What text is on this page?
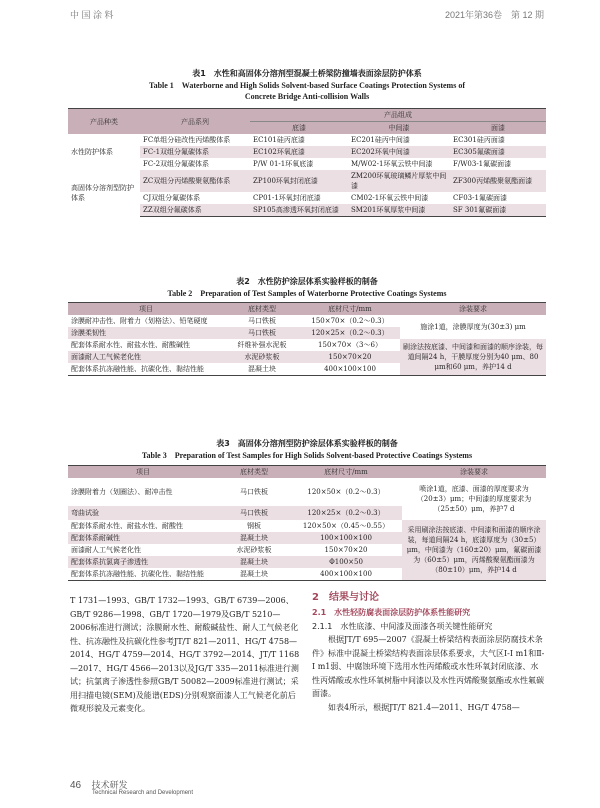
中 国 涂 料	2021年第36卷　第 12 期
表1　水性和高固体分溶剂型混凝土桥梁防撞墙表面涂层防护体系
Table 1　Waterborne and High Solids Solvent-based Surface Coatings Protection Systems of
Concrete Bridge Anti-collision Walls
产品种类	产品系列	产品组成		
		底漆	中间漆	面漆
水性防护体系	FC单组分硅改性丙烯酸体系	EC101硅丙底漆	EC201硅丙中间漆	EC301硅丙面漆
	FC-1双组分氟碳体系	EC102环氧底漆	EC202环氧中间漆	EC305氟碳面漆
	FC-2双组分氟碳体系	P/W 01-1环氧底漆	M/W02-1环氧云铁中间漆	F/W03-1氟碳面漆
高固体分溶剂型防护体系	ZC双组分丙烯酸聚氨酯体系	ZP100环氧封闭底漆	ZM200环氧玻璃鳞片厚浆中间漆	ZF300丙烯酸聚氨酯面漆
	CJ双组分氟碳体系	CP01-1环氧封闭底漆	CM02-1环氧云铁中间漆	CF03-1氟碳面漆
	ZZ双组分氟碳体系	SP105高渗透环氧封闭底漆	SM201环氧厚浆中间漆	SF 301氟碳面漆
表2　水性防护涂层体系实验样板的制备
Table 2　Preparation of Test Samples of Waterborne Protective Coatings Systems
项目	底材类型	底材尺寸/mm	涂装要求
涂膜耐冲击性、附着力（划格法）、铅笔硬度	马口铁板	150×70×（0.2～0.3）	施涂1道，涂膜厚度为(30±3) μm
涂膜柔韧性	马口铁板	120×25×（0.2～0.3）	
配套体系耐水性、耐盐水性、耐酸碱性	纤维补强水泥板	150×70×（3～6）	刷涂法按底漆、中间漆和面漆的顺序涂装，每道间隔24 h，干膜厚度分别为40 μm、80 μm和60 μm，养护14 d
面漆耐人工气候老化性	水泥砂浆板	150×70×20	
配套体系抗冻融性能、抗碳化性、黏结性能	混凝土块	400×100×100	
表3　高固体分溶剂型防护涂层体系实验样板的制备
Table 3　Preparation of Test Samples for High Solids Solvent-based Protective Coatings Systems
项目	底材类型	底材尺寸/mm	涂装要求
涂膜附着力（划圈法）、耐冲击性	马口铁板	120×50×（0.2～0.3）	喷涂1道，底漆、面漆的厚度要求为（20±3）μm；中间漆的厚度要求为（25±50）μm，养护7 d
弯曲试验	马口铁板	120×25×（0.2～0.3）	
配套体系耐水性、耐盐水性、耐酸性	钢板	120×50×（0.45～0.55）	采用刷涂法按底漆、中间漆和面漆的顺序涂装，每道间隔24 h，底漆厚度为（30±5）μm，中间漆为（160±20）μm，氟碳面漆为（60±5）μm，丙烯酸聚氨酯面漆为（80±10）μm，养护14 d
配套体系耐碱性	混凝土块	100×100×100	
面漆耐人工气候老化性	水泥砂浆板	150×70×20	
配套体系抗氯离子渗透性	混凝土块	Φ100×50	
配套体系抗冻融性能、抗碳化性、黏结性能	混凝土块	400×100×100	

T 1731—1993、GB/T 1732—1993、GB/T 6739—2006、GB/T 9286—1998、GB/T 1720—1979及GB/T 5210—2006标准进行测试；涂膜耐水性、耐酸碱盐性、耐人工气候老化性、抗冻融性及抗碳化性参考JT/T 821—2011、HG/T 4758—2014、HG/T 4759—2014、HG/T 3792—2014、JT/T 1168—2017、HG/T 4566—2013以及JG/T 335—2011标准进行测试；抗氯离子渗透性参照GB/T 50082—2009标准进行测试；采用扫描电镜(SEM)及能谱(EDS)分别观察面漆人工气候老化前后微观形貌及元素变化。

2　结果与讨论

2.1　水性轻防腐表面涂层防护体系性能研究

2.1.1　水性底漆、中间漆及面漆各项关键性能研究

根据JT/T 695—2007《混凝土桥梁结构表面涂层防腐技术条件》标准中混凝土桥梁结构表面涂层体系要求，大气区Ⅰ-Ⅰ m1和Ⅱ-Ⅰ m1弱、中腐蚀环境下选用水性丙烯酸或水性环氧封闭底漆、水性丙烯酸或水性环氧树脂中间漆以及水性丙烯酸聚氨酯或水性氟碳面漆。

如表4所示，根据JT/T 821.4—2011、HG/T 4758—

46 技术研发
Technical Research and Development
